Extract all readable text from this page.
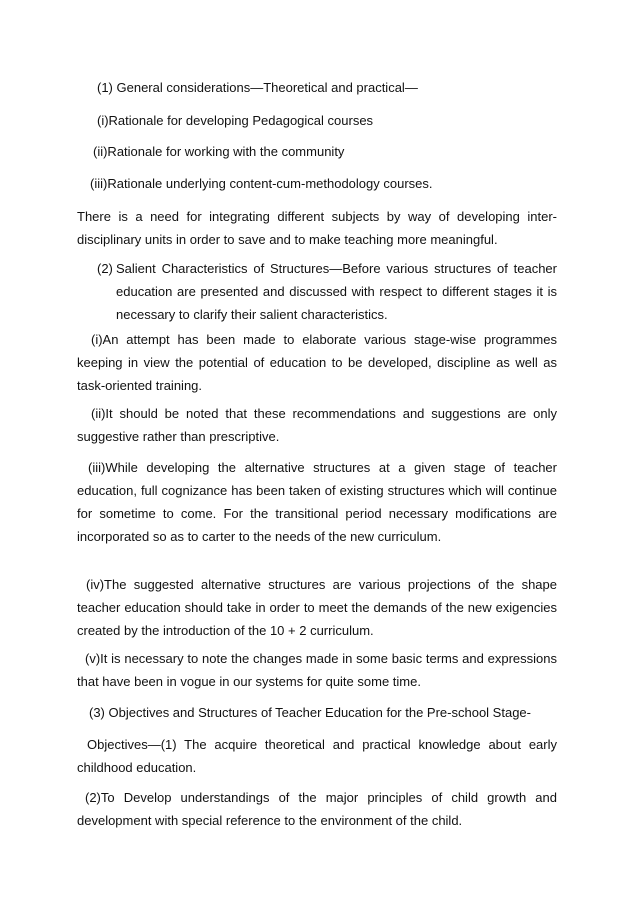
(1) General considerations—Theoretical and practical—

(i)Rationale for developing Pedagogical courses

(ii)Rationale for working with the community

(iii)Rationale underlying content-cum-methodology courses.

There is a need for integrating different subjects by way of developing inter-disciplinary units in order to save and to make teaching more meaningful.

(2) Salient Characteristics of Structures—Before various structures of teacher education are presented and discussed with respect to different stages it is necessary to clarify their salient characteristics.

(i)An attempt has been made to elaborate various stage-wise programmes keeping in view the potential of education to be developed, discipline as well as task-oriented training.

(ii)It should be noted that these recommendations and suggestions are only suggestive rather than prescriptive.

(iii)While developing the alternative structures at a given stage of teacher education, full cognizance has been taken of existing structures which will continue for sometime to come. For the transitional period necessary modifications are incorporated so as to carter to the needs of the new curriculum.

(iv)The suggested alternative structures are various projections of the shape teacher education should take in order to meet the demands of the new exigencies created by the introduction of the 10 + 2 curriculum.

(v)It is necessary to note the changes made in some basic terms and expressions that have been in vogue in our systems for quite some time.

(3) Objectives and Structures of Teacher Education for the Pre-school Stage-

Objectives—(1) The acquire theoretical and practical knowledge about early childhood education.

(2)To Develop understandings of the major principles of child growth and development with special reference to the environment of the child.
